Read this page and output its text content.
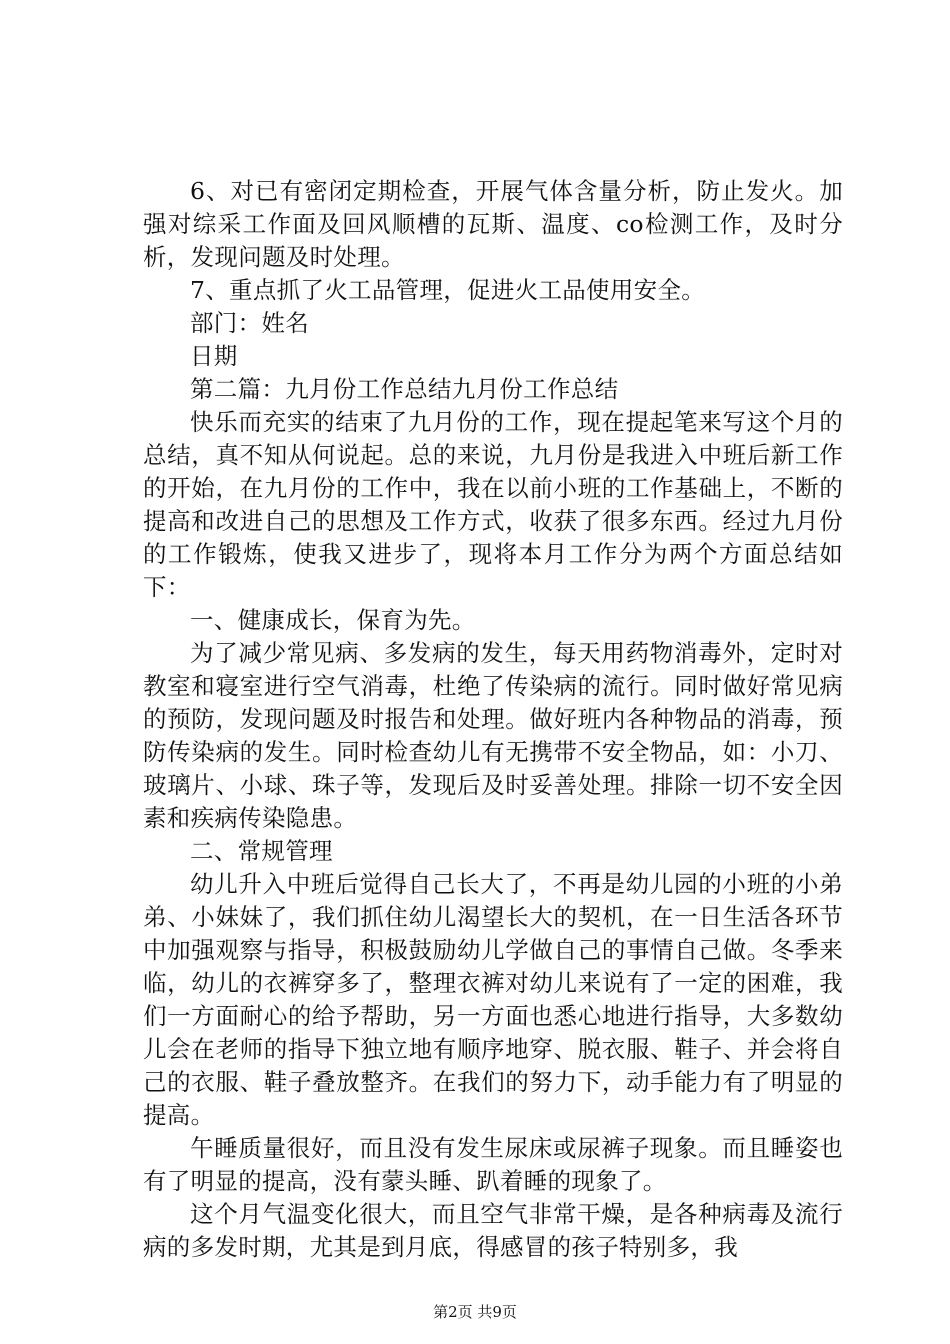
6、对已有密闭定期检查，开展气体含量分析，防止发火。加强对综采工作面及回风顺槽的瓦斯、温度、co检测工作，及时分析，发现问题及时处理。

7、重点抓了火工品管理，促进火工品使用安全。

部门：姓名

日期

第二篇：九月份工作总结九月份工作总结

快乐而充实的结束了九月份的工作，现在提起笔来写这个月的总结，真不知从何说起。总的来说，九月份是我进入中班后新工作的开始，在九月份的工作中，我在以前小班的工作基础上，不断的提高和改进自己的思想及工作方式，收获了很多东西。经过九月份的工作锻炼，使我又进步了，现将本月工作分为两个方面总结如下：

一、健康成长，保育为先。

为了减少常见病、多发病的发生，每天用药物消毒外，定时对教室和寝室进行空气消毒，杜绝了传染病的流行。同时做好常见病的预防，发现问题及时报告和处理。做好班内各种物品的消毒，预防传染病的发生。同时检查幼儿有无携带不安全物品，如：小刀、玻璃片、小球、珠子等，发现后及时妥善处理。排除一切不安全因素和疾病传染隐患。

二、常规管理

幼儿升入中班后觉得自己长大了，不再是幼儿园的小班的小弟弟、小妹妹了，我们抓住幼儿渴望长大的契机，在一日生活各环节中加强观察与指导，积极鼓励幼儿学做自己的事情自己做。冬季来临，幼儿的衣裤穿多了，整理衣裤对幼儿来说有了一定的困难，我们一方面耐心的给予帮助，另一方面也悉心地进行指导，大多数幼儿会在老师的指导下独立地有顺序地穿、脱衣服、鞋子、并会将自己的衣服、鞋子叠放整齐。在我们的努力下，动手能力有了明显的提高。

午睡质量很好，而且没有发生尿床或尿裤子现象。而且睡姿也有了明显的提高，没有蒙头睡、趴着睡的现象了。

这个月气温变化很大，而且空气非常干燥，是各种病毒及流行病的多发时期，尤其是到月底，得感冒的孩子特别多，我

第2页 共9页
